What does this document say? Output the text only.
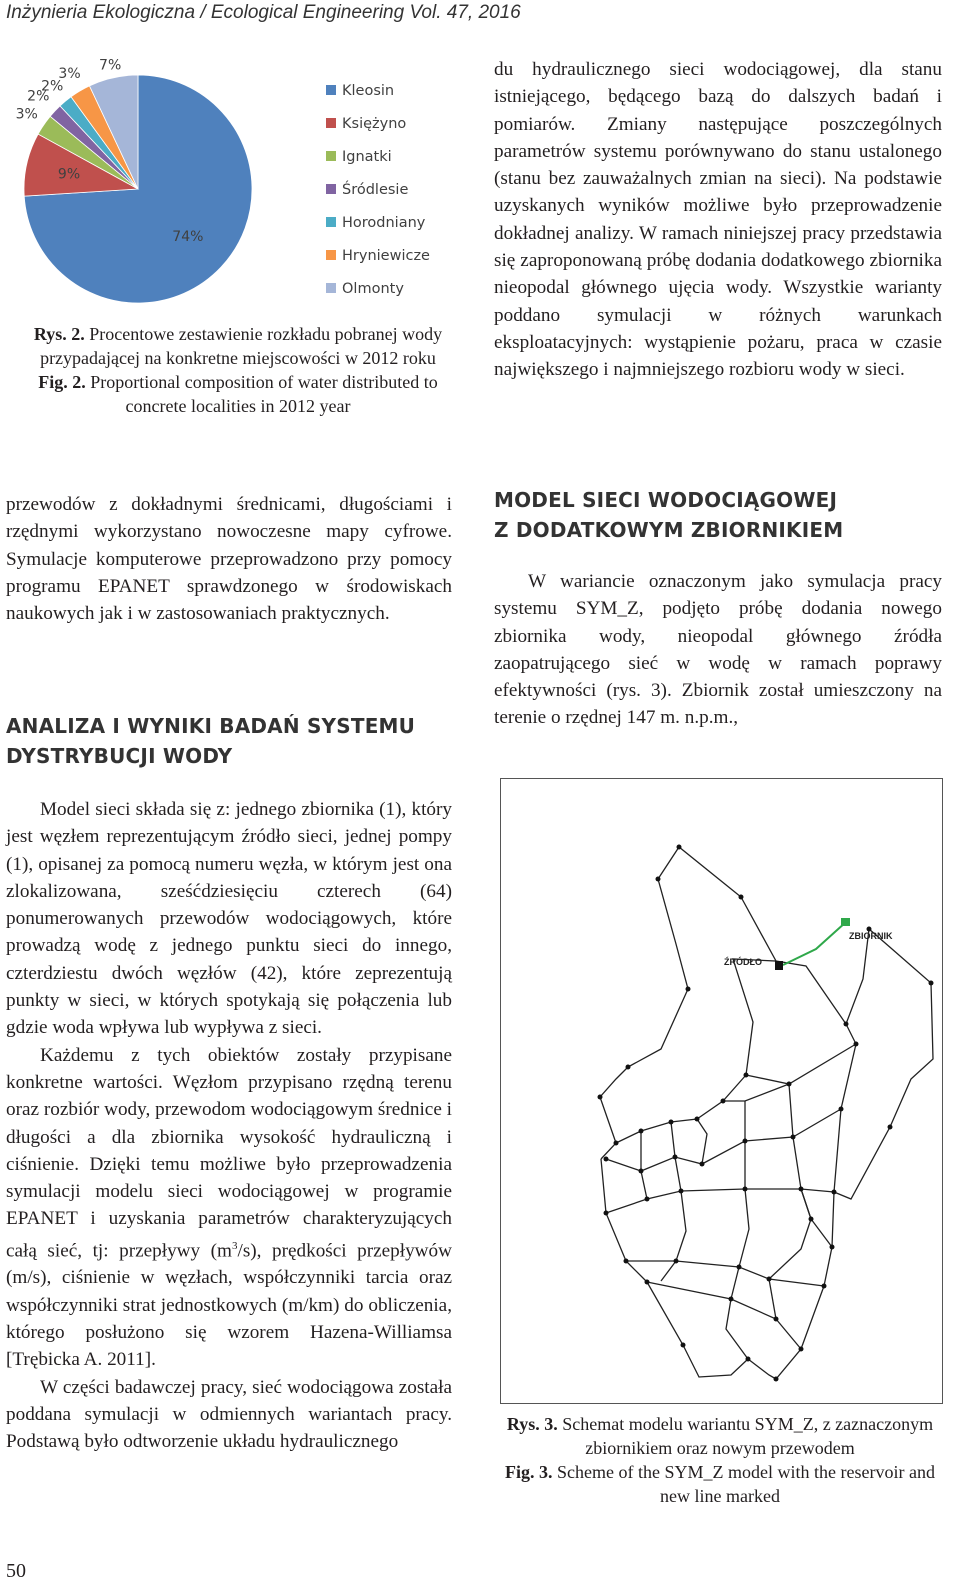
Inżynieria Ekologiczna / Ecological Engineering Vol. 47, 2016
74%
9%
3%
2%
2%
3%
7%
Kleosin
Księżyno
Ignatki
Śródlesie
Horodniany
Hryniewicze
Olmonty
Rys. 2. Procentowe zestawienie rozkładu pobranej wody przypadającej na konkretne miejscowości w 2012 roku
Fig. 2. Proportional composition of water distributed to concrete localities in 2012 year

przewodów z dokładnymi średnicami, długościami i rzędnymi wykorzystano nowoczesne mapy cyfrowe. Symulacje komputerowe przeprowadzono przy pomocy programu EPANET sprawdzonego w środowiskach naukowych jak i w zastosowaniach praktycznych.

ANALIZA I WYNIKI BADAŃ SYSTEMU
DYSTRYBUCJI WODY

Model sieci składa się z: jednego zbiornika (1), który jest węzłem reprezentującym źródło sieci, jednej pompy (1), opisanej za pomocą numeru węzła, w którym jest ona zlokalizowana, sześćdziesięciu czterech (64) ponumerowanych przewodów wodociągowych, które prowadzą wodę z jednego punktu sieci do innego, czterdziestu dwóch węzłów (42), które zeprezentują punkty w sieci, w których spotykają się połączenia lub gdzie woda wpływa lub wypływa z sieci.

Każdemu z tych obiektów zostały przypisane konkretne wartości. Węzłom przypisano rzędną terenu oraz rozbiór wody, przewodom wodociągowym średnice i długości a dla zbiornika wysokość hydrauliczną i ciśnienie. Dzięki temu możliwe było przeprowadzenia symulacji modelu sieci wodociągowej w programie EPANET i uzyskania parametrów charakteryzujących całą sieć, tj: przepływy $(m^3/s)$, prędkości przepływów (m/s), ciśnienie w węzłach, współczynniki tarcia oraz współczynniki strat jednostkowych (m/km) do obliczenia, którego posłużono się wzorem Hazena-Williamsa [Trębicka A. 2011].

W części badawczej pracy, sieć wodociągowa została poddana symulacji w odmiennych wariantach pracy. Podstawą było odtworzenie układu hydraulicznego

du hydraulicznego sieci wodociągowej, dla stanu istniejącego, będącego bazą do dalszych badań i pomiarów. Zmiany następujące poszczególnych parametrów systemu porównywano do stanu ustalonego (stanu bez zauważalnych zmian na sieci). Na podstawie uzyskanych wyników możliwe było przeprowadzenie dokładnej analizy. W ramach niniejszej pracy przedstawia się zaproponowaną próbę dodania dodatkowego zbiornika nieopodal głównego ujęcia wody. Wszystkie warianty poddano symulacji w różnych warunkach eksploatacyjnych: wystąpienie pożaru, praca w czasie największego i najmniejszego rozbioru wody w sieci.

MODEL SIECI WODOCIĄGOWEJ
Z DODATKOWYM ZBIORNIKIEM

W wariancie oznaczonym jako symulacja pracy systemu SYM_Z, podjęto próbę dodania nowego zbiornika wody, nieopodal głównego źródła zaopatrującego sieć w wodę w ramach poprawy efektywności (rys. 3). Zbiornik został umieszczony na terenie o rzędnej 147 m. n.p.m.,

ŹRÓDŁO
ZBIORNIK
Rys. 3. Schemat modelu wariantu SYM_Z, z zaznaczonym zbiornikiem oraz nowym przewodem
Fig. 3. Scheme of the SYM_Z model with the reservoir and new line marked
50
